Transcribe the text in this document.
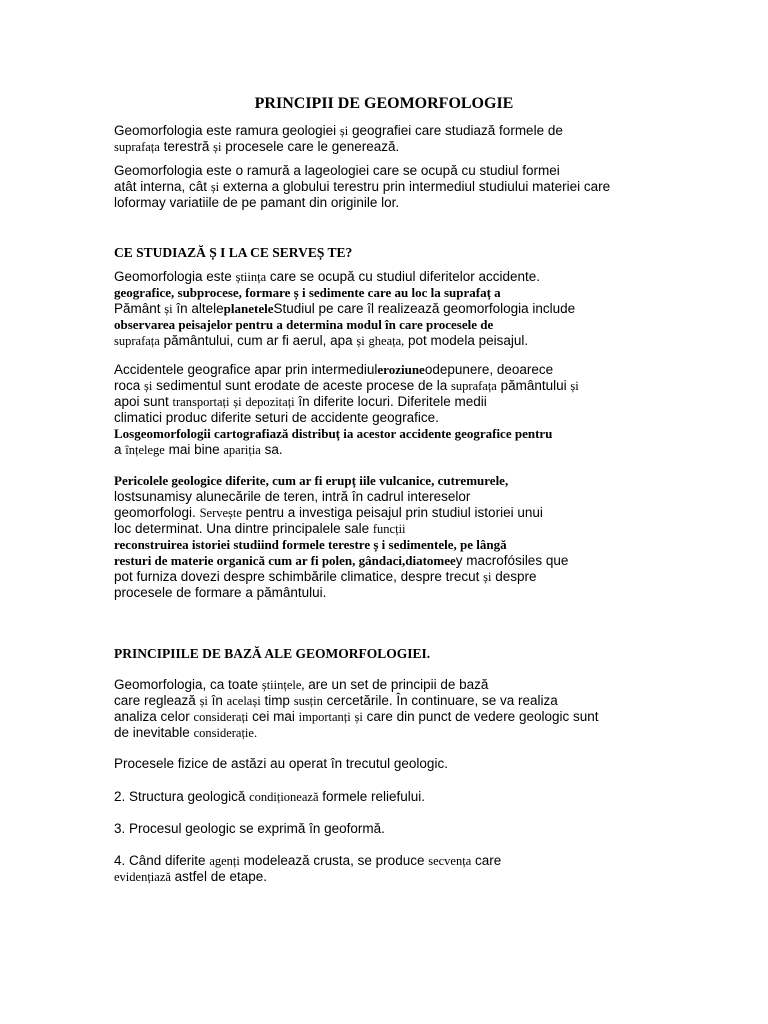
PRINCIPII DE GEOMORFOLOGIE
Geomorfologia este ramura geologiei și geografiei care studiază formele de
suprafața terestră și procesele care le generează.
Geomorfologia este o ramură a lageologiei care se ocupă cu studiul formei
atât interna, cât și externa a globului terestru prin intermediul studiului materiei care
loformay variatiile de pe pamant din originile lor.
CE STUDIAZĂ Ș I LA CE SERVEȘ TE?
Geomorfologia este știința care se ocupă cu studiul diferitelor accidente.
geografice, subprocese, formare ș i sedimente care au loc la suprafaț a
Pământ și în alteleplaneteleStudiul pe care îl realizează geomorfologia include
observarea peisajelor pentru a determina modul în care procesele de
suprafața pământului, cum ar fi aerul, apa și gheața, pot modela peisajul.
Accidentele geografice apar prin intermediuleroziuneodepunere, deoarece
roca și sedimentul sunt erodate de aceste procese de la suprafața pământului și
apoi sunt transportați și depozitați în diferite locuri. Diferitele medii
climatici produc diferite seturi de accidente geografice.
Losgeomorfologii cartografiază distribuț ia acestor accidente geografice pentru
a înțelege mai bine apariția sa.
Pericolele geologice diferite, cum ar fi erupț iile vulcanice, cutremurele,
lostsunamisy alunecările de teren, intră în cadrul intereselor
geomorfologi. Servește pentru a investiga peisajul prin studiul istoriei unui
loc determinat. Una dintre principalele sale funcții
reconstruirea istoriei studiind formele terestre ș i sedimentele, pe lângă
resturi de materie organică cum ar fi polen, gândaci,diatomeey macrofósiles que
pot furniza dovezi despre schimbările climatice, despre trecut și despre
procesele de formare a pământului.
PRINCIPIILE DE BAZĂ ALE GEOMORFOLOGIEI.
Geomorfologia, ca toate științele, are un set de principii de bază
care reglează și în același timp susțin cercetările. În continuare, se va realiza
analiza celor considerați cei mai importanți și care din punct de vedere geologic sunt
de inevitable considerație.
Procesele fizice de astăzi au operat în trecutul geologic.
2. Structura geologică condiționează formele reliefului.
3. Procesul geologic se exprimă în geoformă.
4. Când diferite agenți modelează crusta, se produce secvența care
evidențiază astfel de etape.
